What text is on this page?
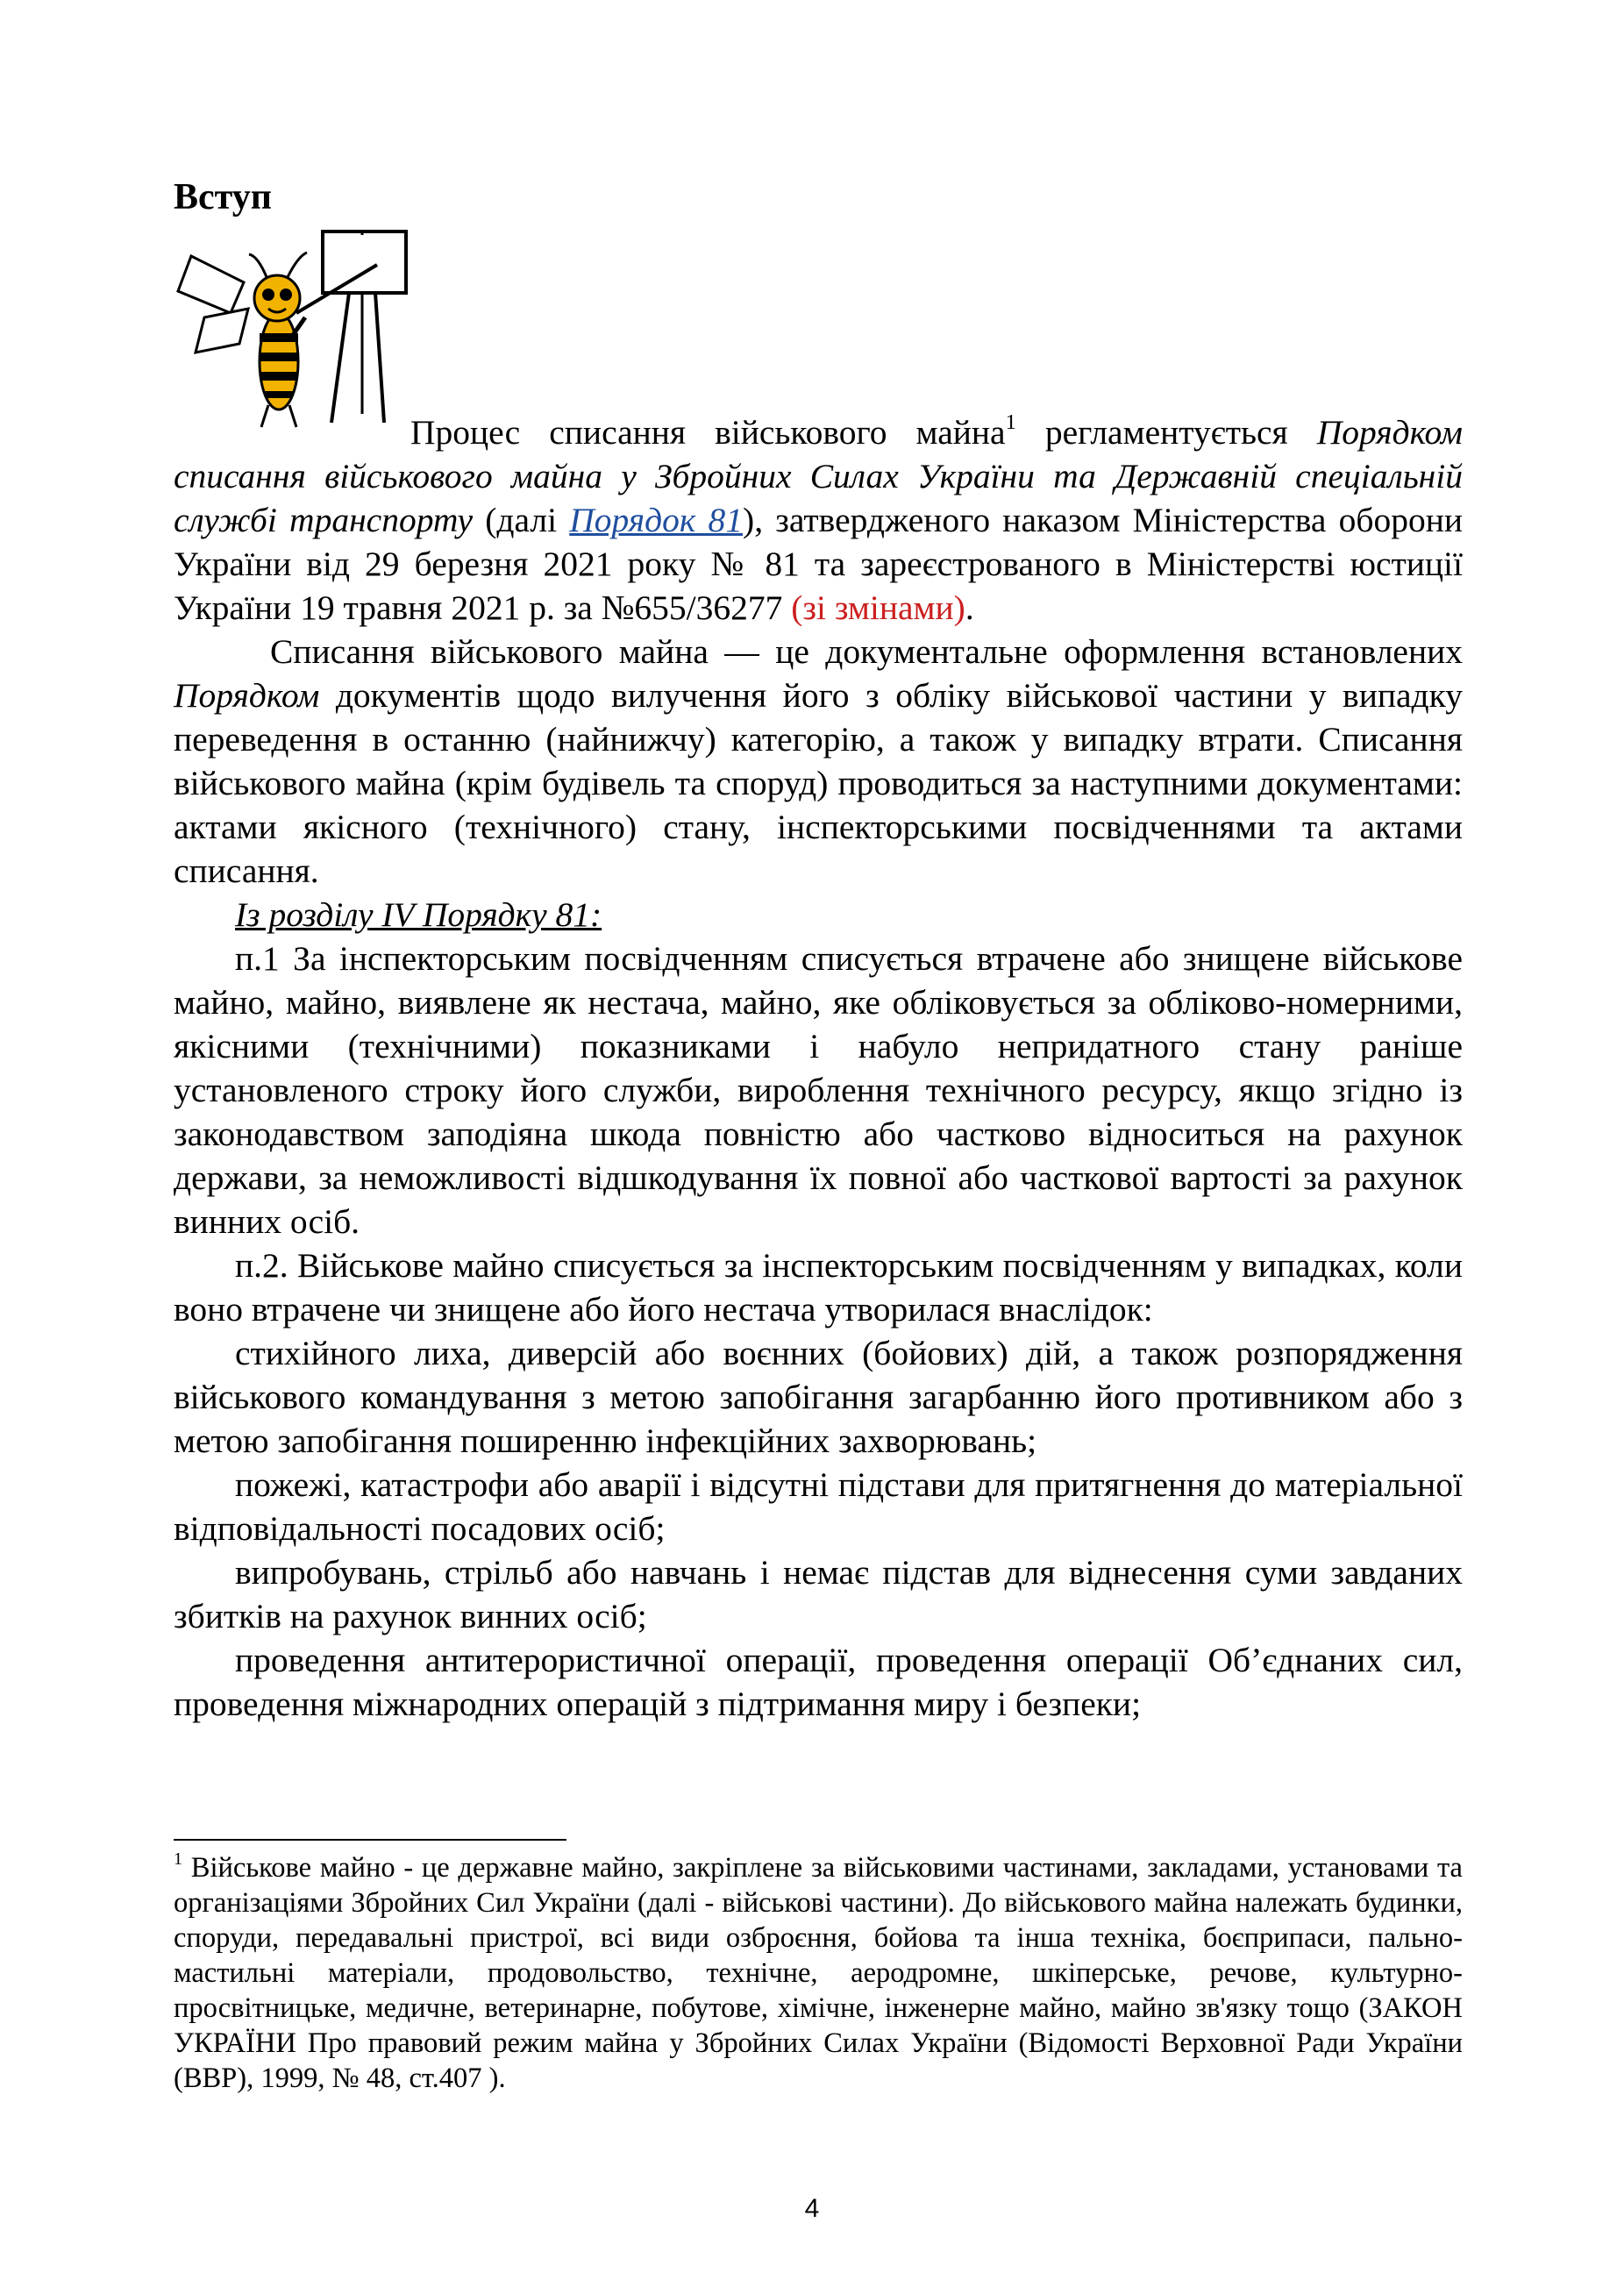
Вступ

Процес списання військового майна$^1$ регламентується Порядком списання військового майна у Збройних Силах України та Державній спеціальній службі транспорту (далі Порядок 81), затвердженого наказом Міністерства оборони України від 29 березня 2021 року № 81 та зареєстрованого в Міністерстві юстиції України 19 травня 2021 р. за №655/36277 (зі змінами).

Списання військового майна — це документальне оформлення встановлених Порядком документів щодо вилучення його з обліку військової частини у випадку переведення в останню (найнижчу) категорію, а також у випадку втрати. Списання військового майна (крім будівель та споруд) проводиться за наступними документами: актами якісного (технічного) стану, інспекторськими посвідченнями та актами списання.

Із розділу IV Порядку 81:

п.1 За інспекторським посвідченням списується втрачене або знищене військове майно, майно, виявлене як нестача, майно, яке обліковується за обліково-номерними, якісними (технічними) показниками і набуло непридатного стану раніше установленого строку його служби, вироблення технічного ресурсу, якщо згідно із законодавством заподіяна шкода повністю або частково відноситься на рахунок держави, за неможливості відшкодування їх повної або часткової вартості за рахунок винних осіб.

п.2. Військове майно списується за інспекторським посвідченням у випадках, коли воно втрачене чи знищене або його нестача утворилася внаслідок:

стихійного лиха, диверсій або воєнних (бойових) дій, а також розпорядження військового командування з метою запобігання загарбанню його противником або з метою запобігання поширенню інфекційних захворювань;

пожежі, катастрофи або аварії і відсутні підстави для притягнення до матеріальної відповідальності посадових осіб;

випробувань, стрільб або навчань і немає підстав для віднесення суми завданих збитків на рахунок винних осіб;

проведення антитерористичної операції, проведення операції Об’єднаних сил, проведення міжнародних операцій з підтримання миру і безпеки;

$^1$ Військове майно - це державне майно, закріплене за військовими частинами, закладами, установами та організаціями Збройних Сил України (далі - військові частини). До військового майна належать будинки, споруди, передавальні пристрої, всі види озброєння, бойова та інша техніка, боєприпаси, пально-мастильні матеріали, продовольство, технічне, аеродромне, шкіперське, речове, культурно-просвітницьке, медичне, ветеринарне, побутове, хімічне, інженерне майно, майно зв'язку тощо (ЗАКОН УКРАЇНИ Про правовий режим майна у Збройних Силах України (Відомості Верховної Ради України (ВВР), 1999, № 48, ст.407 ).
4
